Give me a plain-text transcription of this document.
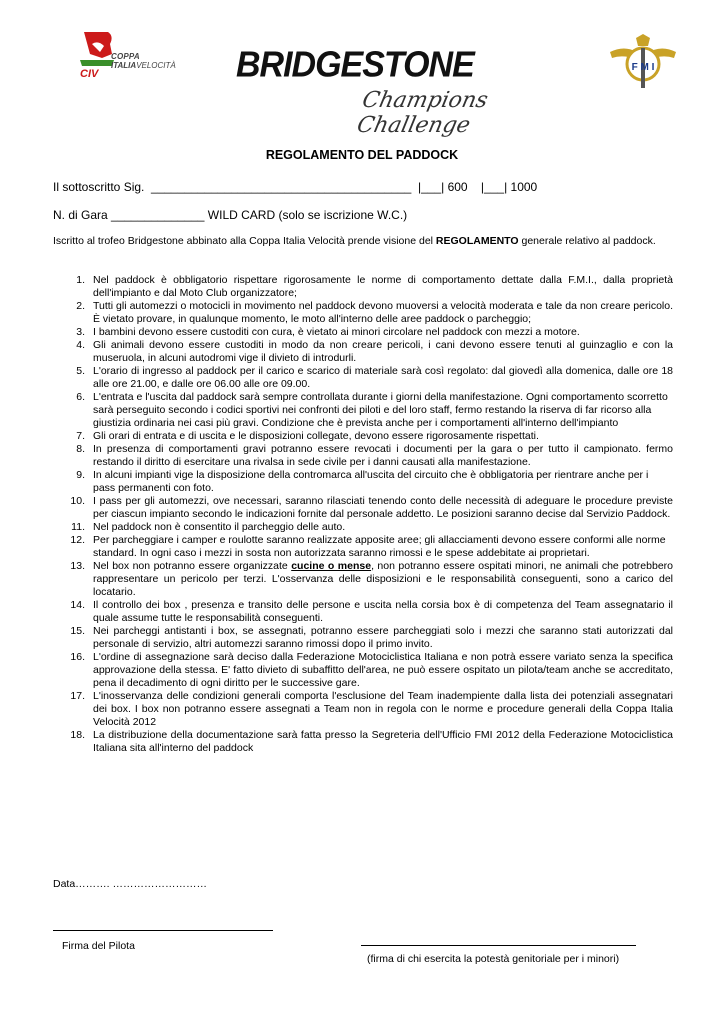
CIV
COPPA
ITALIAVELOCITÀ BRIDGESTONE
Champions Challenge
F M I
REGOLAMENTO DEL PADDOCK
Il sottoscritto Sig.  _______________________________________  |___| 600    |___| 1000
N. di Gara ______________ WILD CARD (solo se iscrizione W.C.)
Iscritto al trofeo Bridgestone abbinato alla Coppa Italia Velocità prende visione del REGOLAMENTO generale relativo al paddock.
1. Nel paddock è obbligatorio rispettare rigorosamente le norme di comportamento dettate dalla F.M.I., dalla proprietà dell'impianto e dal Moto Club organizzatore;
2. Tutti gli automezzi o motocicli in movimento nel paddock devono muoversi a velocità moderata e tale da non creare pericolo. È vietato provare, in qualunque momento, le moto all'interno delle aree paddock o parcheggio;
3. I bambini devono essere custoditi con cura, è vietato ai minori circolare nel paddock con mezzi a motore.
4. Gli animali devono essere custoditi in modo da non creare pericoli, i cani devono essere tenuti al guinzaglio e con la museruola, in alcuni autodromi vige il divieto di introdurli.
5. L'orario di ingresso al paddock per il carico e scarico di materiale sarà così regolato: dal giovedì alla domenica, dalle ore 18 alle ore 21.00, e dalle ore 06.00 alle ore 09.00.
6. L'entrata e l'uscita dal paddock sarà sempre controllata durante i giorni della manifestazione. Ogni comportamento scorretto sarà perseguito secondo i codici sportivi nei confronti dei piloti e del loro staff, fermo restando la riserva di far ricorso alla giustizia ordinaria nei casi più gravi. Condizione che è prevista anche per i comportamenti all'interno dell'impianto
7. Gli orari di entrata e di uscita e le disposizioni collegate, devono essere rigorosamente rispettati.
8. In presenza di comportamenti gravi potranno essere revocati i documenti per la gara o per tutto il campionato. fermo restando il diritto di esercitare una rivalsa in sede civile per i danni causati alla manifestazione.
9. In alcuni impianti vige la disposizione della contromarca all'uscita del circuito che è obbligatoria per rientrare anche per i pass permanenti con foto.
10. I pass per gli automezzi, ove necessari, saranno rilasciati tenendo conto delle necessità di adeguare le procedure previste per ciascun impianto secondo le indicazioni fornite dal personale addetto. Le posizioni saranno decise dal Servizio Paddock.
11. Nel paddock non è consentito il parcheggio delle auto.
12. Per parcheggiare i camper e roulotte saranno realizzate apposite aree; gli allacciamenti devono essere conformi alle norme standard. In ogni caso i mezzi in sosta non autorizzata saranno rimossi e le spese addebitate ai proprietari.
13. Nel box non potranno essere organizzate cucine o mense, non potranno essere ospitati minori, ne animali che potrebbero rappresentare un pericolo per terzi. L'osservanza delle disposizioni e le responsabilità conseguenti, sono a carico del locatario.
14. Il controllo dei box , presenza e transito delle persone e uscita nella corsia box è di competenza del Team assegnatario il quale assume tutte le responsabilità conseguenti.
15. Nei parcheggi antistanti i box, se assegnati, potranno essere parcheggiati solo i mezzi che saranno stati autorizzati dal personale di servizio, altri automezzi saranno rimossi dopo il primo invito.
16. L'ordine di assegnazione sarà deciso dalla Federazione Motociclistica Italiana e non potrà essere variato senza la specifica approvazione della stessa. E' fatto divieto di subaffitto dell'area, ne può essere ospitato un pilota/team anche se accreditato, pena il decadimento di ogni diritto per le successive gare.
17. L'inosservanza delle condizioni generali comporta l'esclusione del Team inadempiente dalla lista dei potenziali assegnatari dei box. I box non potranno essere assegnati a Team non in regola con le norme e procedure generali della Coppa Italia Velocità 2012
18. La distribuzione della documentazione sarà fatta presso la Segreteria dell'Ufficio FMI 2012 della Federazione Motociclistica Italiana sita all'interno del paddock
Data………. ………………………
Firma del Pilota
(firma di chi esercita la potestà genitoriale per i minori)
